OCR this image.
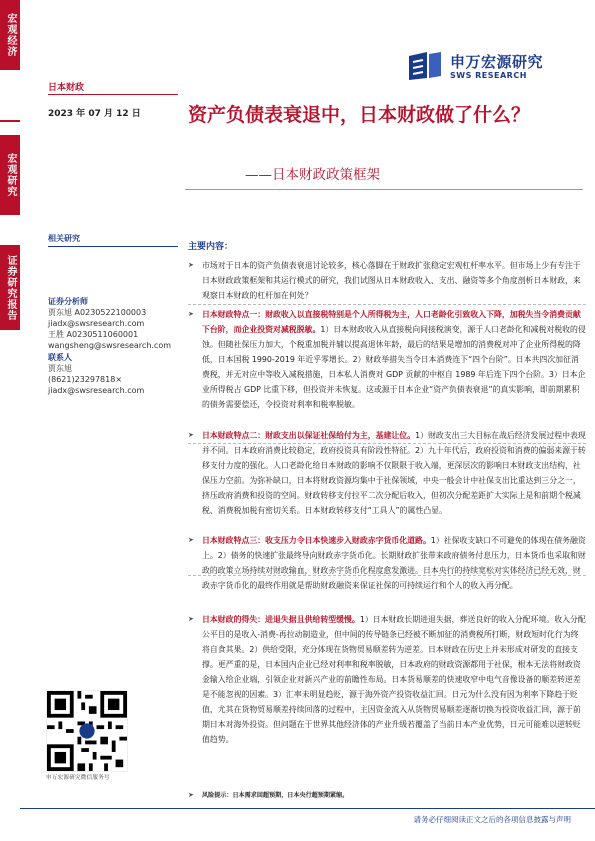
宏观经济
宏观研究
证券研究报告
日本财政
2023 年 07 月 12 日
申万宏源研究
SWS RESEARCH
资产负债表衰退中，日本财政做了什么？
——日本财政政策框架
相关研究
证券分析师
贾东旭 A0230522100003
jiadx@swsresearch.com
王胜 A0230511060001
wangsheng@swsresearch.com
联系人
贾东旭
(8621)23297818×
jiadx@swsresearch.com
申万宏源研究微信服务号
主要内容：
➤	市场对于日本的资产负债表衰退讨论较多，核心落脚在于财政扩张稳定宏观杠杆率水平。但市场上少有专注于日本财政政策框架和其运行模式的研究，我们试图从日本财政收入、支出、融资等多个角度剖析日本财政，来观察日本财政的杠杆加在何处？
➤	日本财政特点一：财政收入以直接税特别是个人所得税为主，人口老龄化引致收入下降，加税失当令消费贡献下台阶，而企业投资对减税脱敏。1）日本财政收入从直接税向间接税演变，源于人口老龄化和减税对税收的侵蚀。但随社保压力加大，个税重加税并辅以提高退休年龄，最后的结果是增加的消费税对冲了企业所得税的降低，日本国税 1990-2019 年近乎零增长。2）财政举措失当令日本消费连下“四个台阶”。日本共四次加征消费税，并无对应中等收入减税措施，日本私人消费对 GDP 贡献的中枢自 1989 年后连下四个台阶。3）日本企业所得税占 GDP 比重下移，但投资并未恢复。这或源于日本企业“资产负债表衰退”的真实影响，即前期累积的债务需要偿还，令投资对利率和税率脱敏。
➤	日本财政特点二：财政支出以保证社保给付为主，基建让位。1）财政支出三大目标在战后经济发展过程中表现并不同。日本政府消费比较稳定，政府投资具有阶段性特征。2）九十年代后，政府投资和消费的偏弱来源于转移支付力度的强化。人口老龄化给日本财政的影响不仅限限于收入端，更深层次的影响日本财政支出结构，社保压力空前。为弥补缺口，日本将财政资源均集中于社保领域，中央一般会计中社保支出比重达到三分之一，挤压政府消费和投资的空间。财政转移支付拉平二次分配后收入，但初次分配差距扩大实际上是和前期个税减税、消费税加税有密切关系。日本财政转移支付“工具人”的属性凸显。
➤	日本财政特点三：收支压力令日本快速步入财政赤字货币化道路。1）社保收支缺口不可避免的体现在债务融资上。2）债务的快速扩张最终导向财政赤字货币化。长期财政扩张带来政府债务付息压力，日本货币也采取和财政的政策立场持续对财政输血，财政赤字货币化程度愈发激进。日本央行的持续宽松对实体经济已经无效，财政赤字货币化的最终作用就是帮助财政融资来保证社保的可持续运行和个人的收入再分配。
➤	日本财政的得失：进退失据且供给转型缓慢。1）日本财政长期进退失据，葬送良好的收入分配环境。收入分配公平目的是收入-消费-再拉动制造业，但中间的传导链条已经被不断加征的消费税所打断，财政短时化行为终将自食其果。2）供给受限，充分体现在货物贸易顺差转为逆差。日本财政在历史上并未形成对研发的直接支撑。更严重的是，日本国内企业已经对利率和税率脱敏，日本政府的财政资源都用于社保，根本无法将财政资金输入给企业端，引领企业对新兴产业的前瞻性布局。日本货易顺差的快速收窄中电气音像设备的顺差转逆差是不能忽视的因素。3）汇率未明显趋贬，源于海外资产投资收益汇回。日元为什么没有因为利率下降趋于贬值，尤其在货物贸易顺差持续回落的过程中，主因资金流入从货物贸易顺差逐渐切换为投资收益汇回，源于前期日本对海外投资。但问题在于世界其他经济体的产业升级若覆盖了当前日本产业优势，日元可能难以逆转贬值趋势。
➤	风险提示：日本需求回超预期，日本央行超预期紧缩。
请务必仔细阅读正文之后的各项信息披露与声明
